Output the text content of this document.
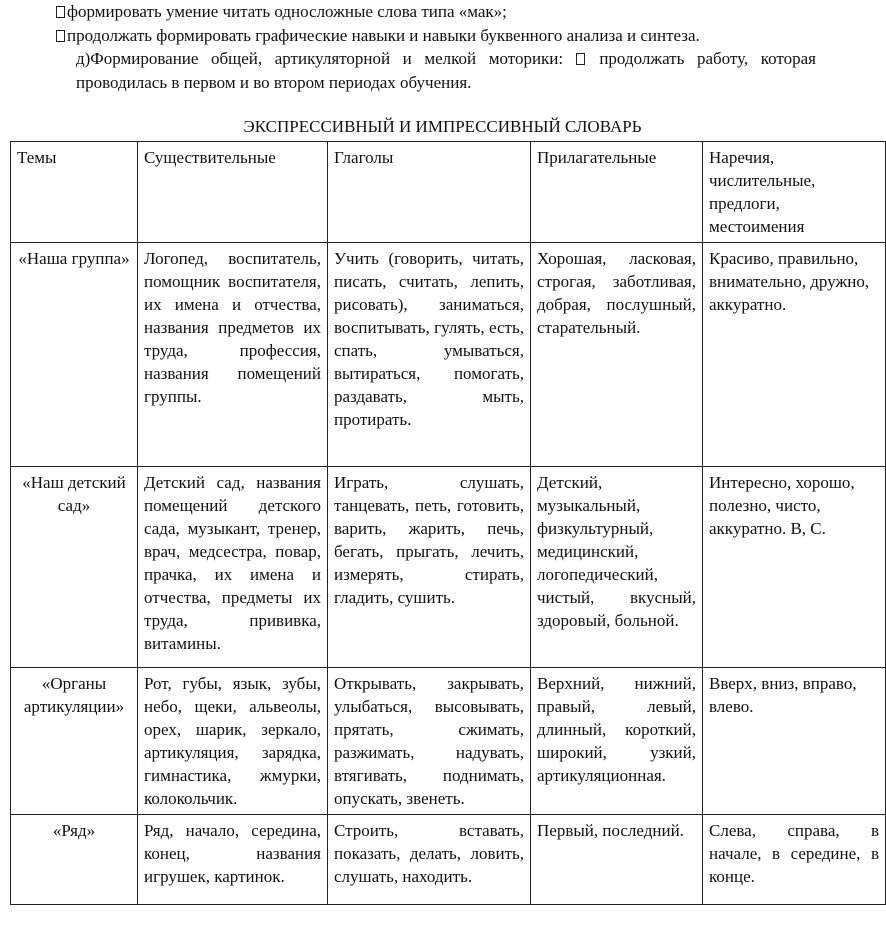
формировать умение читать односложные слова типа «мак»;

продолжать формировать графические навыки и навыки буквенного анализа и синтеза.

д)Формирование общей, артикуляторной и мелкой моторики: продолжать работу, которая проводилась в первом и во втором периодах обучения.

ЭКСПРЕССИВНЫЙ И ИМПРЕССИВНЫЙ СЛОВАРЬ
Темы	Существительные	Глаголы	Прилагательные	Наречия, числительные, предлоги, местоимения
«Наша группа»	Логопед, воспитатель, помощник воспитателя, их имена и отчества, названия предметов их труда, профессия, названия помещений группы.	Учить (говорить, читать, писать, считать, лепить, рисовать), заниматься, воспитывать, гулять, есть, спать, умываться, вытираться, помогать, раздавать, мыть, протирать.	Хорошая, ласковая, строгая, заботливая, добрая, послушный, старательный.	Красиво, правильно, внимательно, дружно, аккуратно.
«Наш детский сад»	Детский сад, названия помещений детского сада, музыкант, тренер, врач, медсестра, повар, прачка, их имена и отчества, предметы их труда, прививка, витамины.	Играть, слушать, танцевать, петь, готовить, варить, жарить, печь, бегать, прыгать, лечить, измерять, стирать, гладить, сушить.	Детский, музыкальный, физкультурный, медицинский, логопедический, чистый, вкусный, здоровый, больной.	Интересно, хорошо, полезно, чисто, аккуратно. В, С.
«Органы артикуляции»	Рот, губы, язык, зубы, небо, щеки, альвеолы, орех, шарик, зеркало, артикуляция, зарядка, гимнастика, жмурки, колокольчик.	Открывать, закрывать, улыбаться, высовывать, прятать, сжимать, разжимать, надувать, втягивать, поднимать, опускать, звенеть.	Верхний, нижний, правый, левый, длинный, короткий, широкий, узкий, артикуляционная.	Вверх, вниз, вправо, влево.
«Ряд»	Ряд, начало, середина, конец, названия игрушек, картинок.	Строить, вставать, показать, делать, ловить, слушать, находить.	Первый, последний.	Слева, справа, в начале, в середине, в конце.
